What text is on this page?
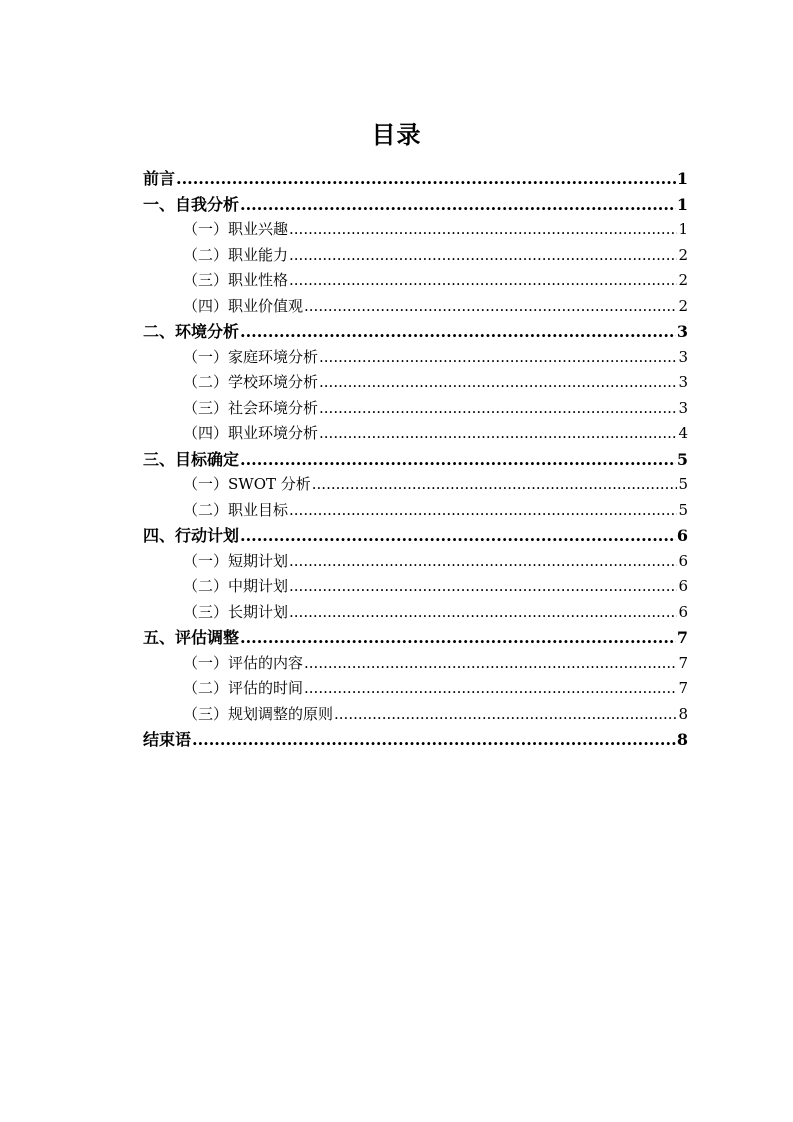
目录
前言 .....	1
一、自我分析 .....	1
（一）职业兴趣 .....	1
（二）职业能力 .....	2
（三）职业性格 .....	2
（四）职业价值观 .....	2
二、环境分析 .....	3
（一）家庭环境分析 .....	3
（二）学校环境分析 .....	3
（三）社会环境分析 .....	3
（四）职业环境分析 .....	4
三、目标确定 .....	5
（一）SWOT 分析 .....	5
（二）职业目标 .....	5
四、行动计划 .....	6
（一）短期计划 .....	6
（二）中期计划 .....	6
（三）长期计划 .....	6
五、评估调整 .....	7
（一）评估的内容 .....	7
（二）评估的时间 .....	7
（三）规划调整的原则 .....	8
结束语 .....	8
